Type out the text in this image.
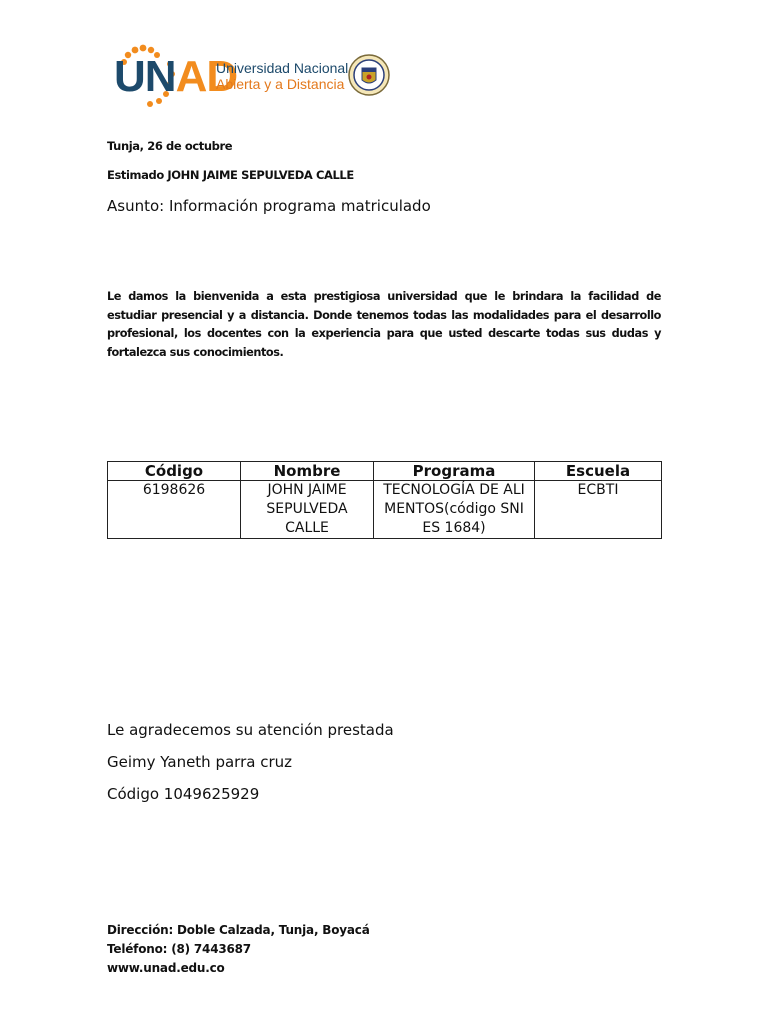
UNAD
Universidad Nacional
Abierta y a Distancia
Tunja, 26 de octubre
Estimado JOHN JAIME SEPULVEDA CALLE
Asunto: Información programa matriculado
Le damos la bienvenida a esta prestigiosa universidad que le brindara la facilidad de estudiar presencial y a distancia. Donde tenemos todas las modalidades para el desarrollo profesional, los docentes con la experiencia para que usted descarte todas sus dudas y fortalezca sus conocimientos.
Código	Nombre	Programa	Escuela
6198626	JOHN JAIME SEPULVEDA CALLE	TECNOLOGÍA DE ALIMENTOS(código SNIES 1684)	ECBTI
Le agradecemos su atención prestada
Geimy Yaneth parra cruz
Código 1049625929
Dirección: Doble Calzada, Tunja, Boyacá
Teléfono: (8) 7443687
www.unad.edu.co
